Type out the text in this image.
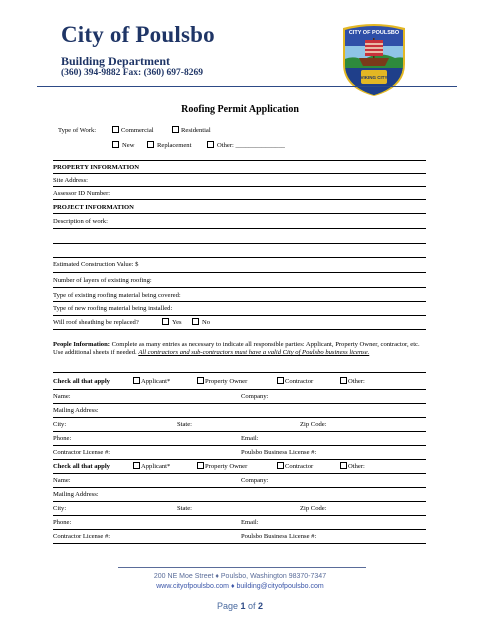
City of Poulsbo
Building Department
(360) 394-9882 Fax: (360) 697-8269
CITY OF POULSBO
VIKING CITY
Roofing Permit Application
Type of Work:	Commercial	Residential
New	Replacement	Other: _______________
PROPERTY INFORMATION
Site Address:
Assessor ID Number:
PROJECT INFORMATION
Description of work:
Estimated Construction Value: $
Number of layers of existing roofing:
Type of existing roofing material being covered:
Type of new roofing material being installed:
Will roof sheathing be replaced?	Yes	No
People Information: Complete as many entries as necessary to indicate all responsible parties: Applicant, Property Owner, contractor, etc. Use additional sheets if needed. All contractors and sub-contractors must have a valid City of Poulsbo business license.
Check all that apply	Applicant*	Property Owner	Contractor	Other:
Name:	Company:
Mailing Address:
City:	State:	Zip Code:
Phone:	Email:
Contractor License #:	Poulsbo Business License #:
Check all that apply	Applicant*	Property Owner	Contractor	Other:
Name:	Company:
Mailing Address:
City:	State:	Zip Code:
Phone:	Email:
Contractor License #:	Poulsbo Business License #:
200 NE Moe Street ♦ Poulsbo, Washington 98370-7347
www.cityofpoulsbo.com ♦ building@cityofpoulsbo.com
Page 1 of 2
